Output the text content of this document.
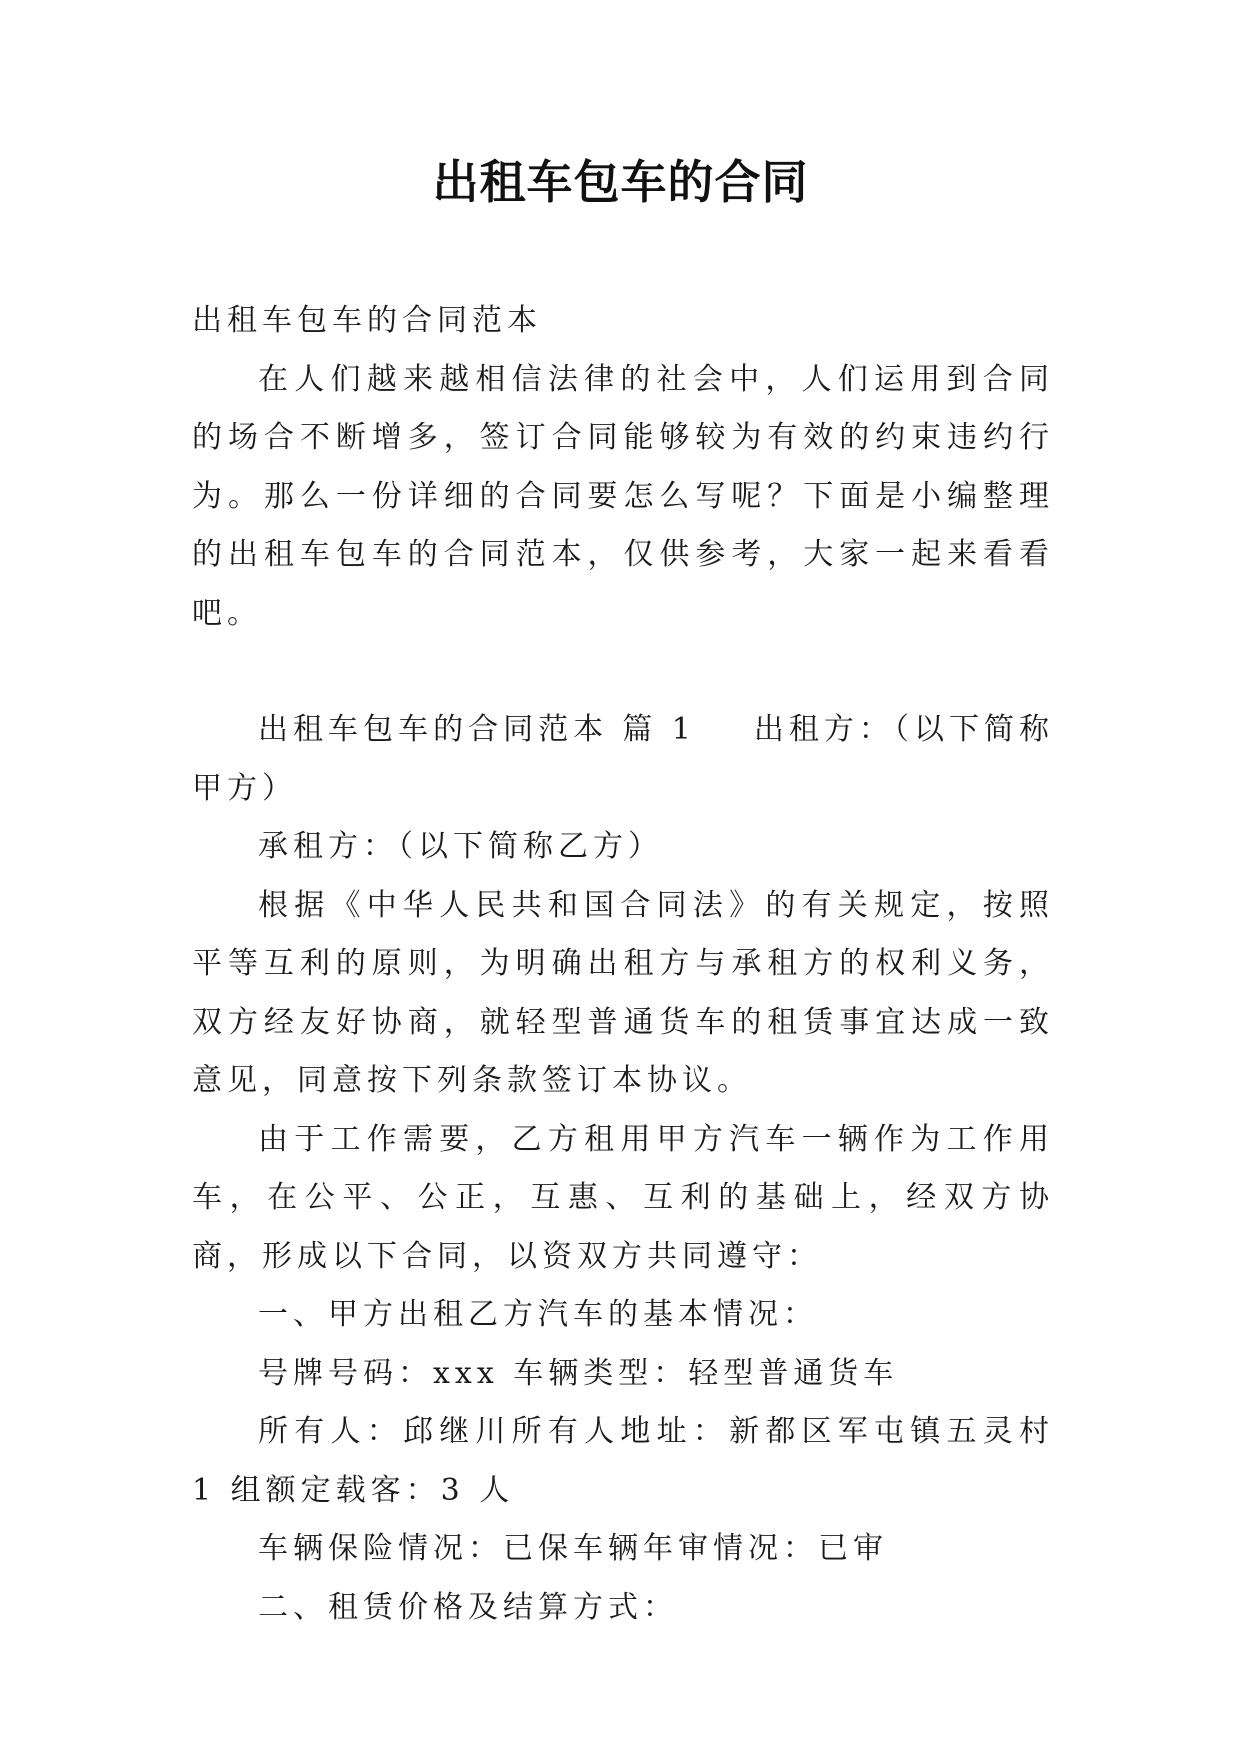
出租车包车的合同

出租车包车的合同范本

在人们越来越相信法律的社会中，人们运用到合同的场合不断增多，签订合同能够较为有效的约束违约行为。那么一份详细的合同要怎么写呢？下面是小编整理的出租车包车的合同范本，仅供参考，大家一起来看看吧。

出租车包车的合同范本 篇 1 出租方：（以下简称甲方）

承租方：（以下简称乙方）

根据《中华人民共和国合同法》的有关规定，按照平等互利的原则，为明确出租方与承租方的权利义务，双方经友好协商，就轻型普通货车的租赁事宜达成一致意见，同意按下列条款签订本协议。

由于工作需要，乙方租用甲方汽车一辆作为工作用车，在公平、公正，互惠、互利的基础上，经双方协商，形成以下合同，以资双方共同遵守：

一、甲方出租乙方汽车的基本情况：

号牌号码：xxx 车辆类型：轻型普通货车

所有人：邱继川所有人地址：新都区军屯镇五灵村 1 组额定载客：3 人

车辆保险情况：已保车辆年审情况：已审

二、租赁价格及结算方式：
